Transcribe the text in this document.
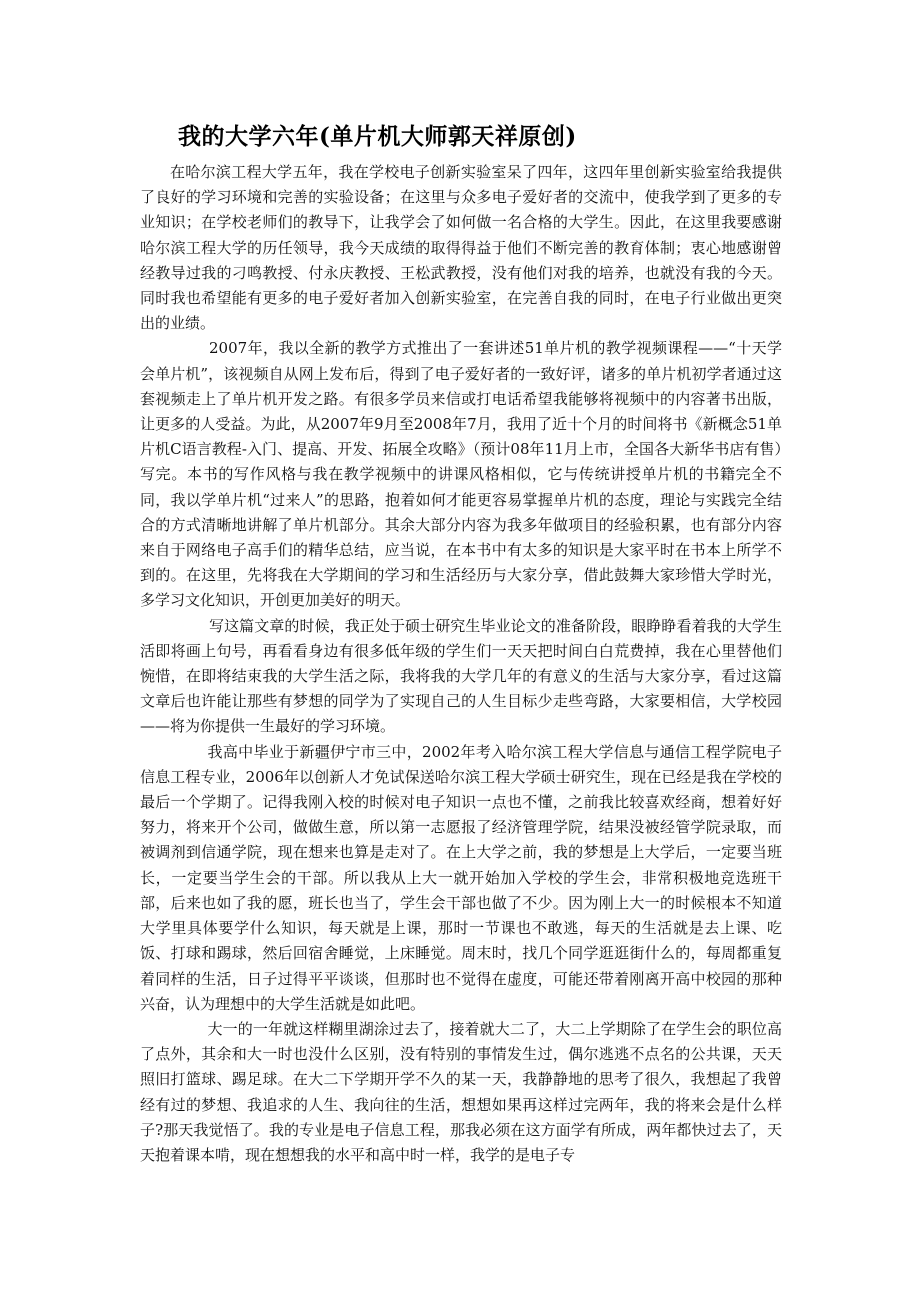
我的大学六年(单片机大师郭天祥原创)

在哈尔滨工程大学五年，我在学校电子创新实验室呆了四年，这四年里创新实验室给我提供了良好的学习环境和完善的实验设备；在这里与众多电子爱好者的交流中，使我学到了更多的专业知识；在学校老师们的教导下，让我学会了如何做一名合格的大学生。因此，在这里我要感谢哈尔滨工程大学的历任领导，我今天成绩的取得得益于他们不断完善的教育体制；衷心地感谢曾经教导过我的刁鸣教授、付永庆教授、王松武教授，没有他们对我的培养，也就没有我的今天。同时我也希望能有更多的电子爱好者加入创新实验室，在完善自我的同时，在电子行业做出更突出的业绩。

2007年，我以全新的教学方式推出了一套讲述51单片机的教学视频课程——“十天学会单片机”，该视频自从网上发布后，得到了电子爱好者的一致好评，诸多的单片机初学者通过这套视频走上了单片机开发之路。有很多学员来信或打电话希望我能够将视频中的内容著书出版，让更多的人受益。为此，从2007年9月至2008年7月，我用了近十个月的时间将书《新概念51单片机C语言教程-入门、提高、开发、拓展全攻略》（预计08年11月上市，全国各大新华书店有售）写完。本书的写作风格与我在教学视频中的讲课风格相似，它与传统讲授单片机的书籍完全不同，我以学单片机“过来人”的思路，抱着如何才能更容易掌握单片机的态度，理论与实践完全结合的方式清晰地讲解了单片机部分。其余大部分内容为我多年做项目的经验积累，也有部分内容来自于网络电子高手们的精华总结，应当说，在本书中有太多的知识是大家平时在书本上所学不到的。在这里，先将我在大学期间的学习和生活经历与大家分享，借此鼓舞大家珍惜大学时光，多学习文化知识，开创更加美好的明天。

写这篇文章的时候，我正处于硕士研究生毕业论文的准备阶段，眼睁睁看着我的大学生活即将画上句号，再看看身边有很多低年级的学生们一天天把时间白白荒费掉，我在心里替他们惋惜，在即将结束我的大学生活之际，我将我的大学几年的有意义的生活与大家分享，看过这篇文章后也许能让那些有梦想的同学为了实现自己的人生目标少走些弯路，大家要相信，大学校园——将为你提供一生最好的学习环境。

我高中毕业于新疆伊宁市三中，2002年考入哈尔滨工程大学信息与通信工程学院电子信息工程专业，2006年以创新人才免试保送哈尔滨工程大学硕士研究生，现在已经是我在学校的最后一个学期了。记得我刚入校的时候对电子知识一点也不懂，之前我比较喜欢经商，想着好好努力，将来开个公司，做做生意，所以第一志愿报了经济管理学院，结果没被经管学院录取，而被调剂到信通学院，现在想来也算是走对了。在上大学之前，我的梦想是上大学后，一定要当班长，一定要当学生会的干部。所以我从上大一就开始加入学校的学生会，非常积极地竞选班干部，后来也如了我的愿，班长也当了，学生会干部也做了不少。因为刚上大一的时候根本不知道大学里具体要学什么知识，每天就是上课，那时一节课也不敢逃，每天的生活就是去上课、吃饭、打球和踢球，然后回宿舍睡觉，上床睡觉。周末时，找几个同学逛逛街什么的，每周都重复着同样的生活，日子过得平平谈谈，但那时也不觉得在虚度，可能还带着刚离开高中校园的那种兴奋，认为理想中的大学生活就是如此吧。

大一的一年就这样糊里湖涂过去了，接着就大二了，大二上学期除了在学生会的职位高了点外，其余和大一时也没什么区别，没有特别的事情发生过，偶尔逃逃不点名的公共课，天天照旧打篮球、踢足球。在大二下学期开学不久的某一天，我静静地的思考了很久，我想起了我曾经有过的梦想、我追求的人生、我向往的生活，想想如果再这样过完两年，我的将来会是什么样子?那天我觉悟了。我的专业是电子信息工程，那我必须在这方面学有所成，两年都快过去了，天天抱着课本啃，现在想想我的水平和高中时一样，我学的是电子专
